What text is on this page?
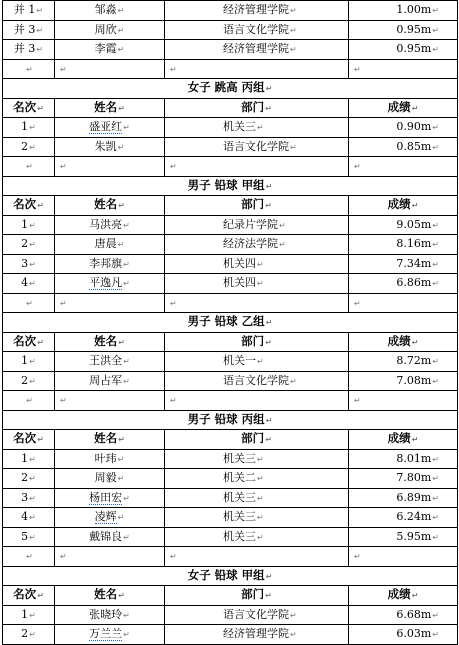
并 1↵	邹淼↵	经济管理学院↵	1.00m↵
并 3↵	周欣↵	语言文化学院↵	0.95m↵
并 3↵	李霞↵	经济管理学院↵	0.95m↵
↵	↵	↵	↵
女子 跳高 丙组↵			
名次↵	姓名↵	部门↵	成绩↵
1↵	盛亚红↵	机关三↵	0.90m↵
2↵	朱凯↵	语言文化学院↵	0.85m↵
↵	↵	↵	↵
男子 铅球 甲组↵			
名次↵	姓名↵	部门↵	成绩↵
1↵	马洪亮↵	纪录片学院↵	9.05m↵
2↵	唐晨↵	经济法学院↵	8.16m↵
3↵	李邦旗↵	机关四↵	7.34m↵
4↵	平逸凡↵	机关四↵	6.86m↵
↵	↵	↵	↵
男子 铅球 乙组↵			
名次↵	姓名↵	部门↵	成绩↵
1↵	王洪全↵	机关一↵	8.72m↵
2↵	周占军↵	语言文化学院↵	7.08m↵
↵	↵	↵	↵
男子 铅球 丙组↵			
名次↵	姓名↵	部门↵	成绩↵
1↵	叶玮↵	机关三↵	8.01m↵
2↵	周毅↵	机关二↵	7.80m↵
3↵	杨田宏↵	机关三↵	6.89m↵
4↵	凌辉↵	机关三↵	6.24m↵
5↵	戴锦良↵	机关三↵	5.95m↵
↵	↵	↵	↵
女子 铅球 甲组↵			
名次↵	姓名↵	部门↵	成绩↵
1↵	张晓玲↵	语言文化学院↵	6.68m↵
2↵	万兰兰↵	经济管理学院↵	6.03m↵
